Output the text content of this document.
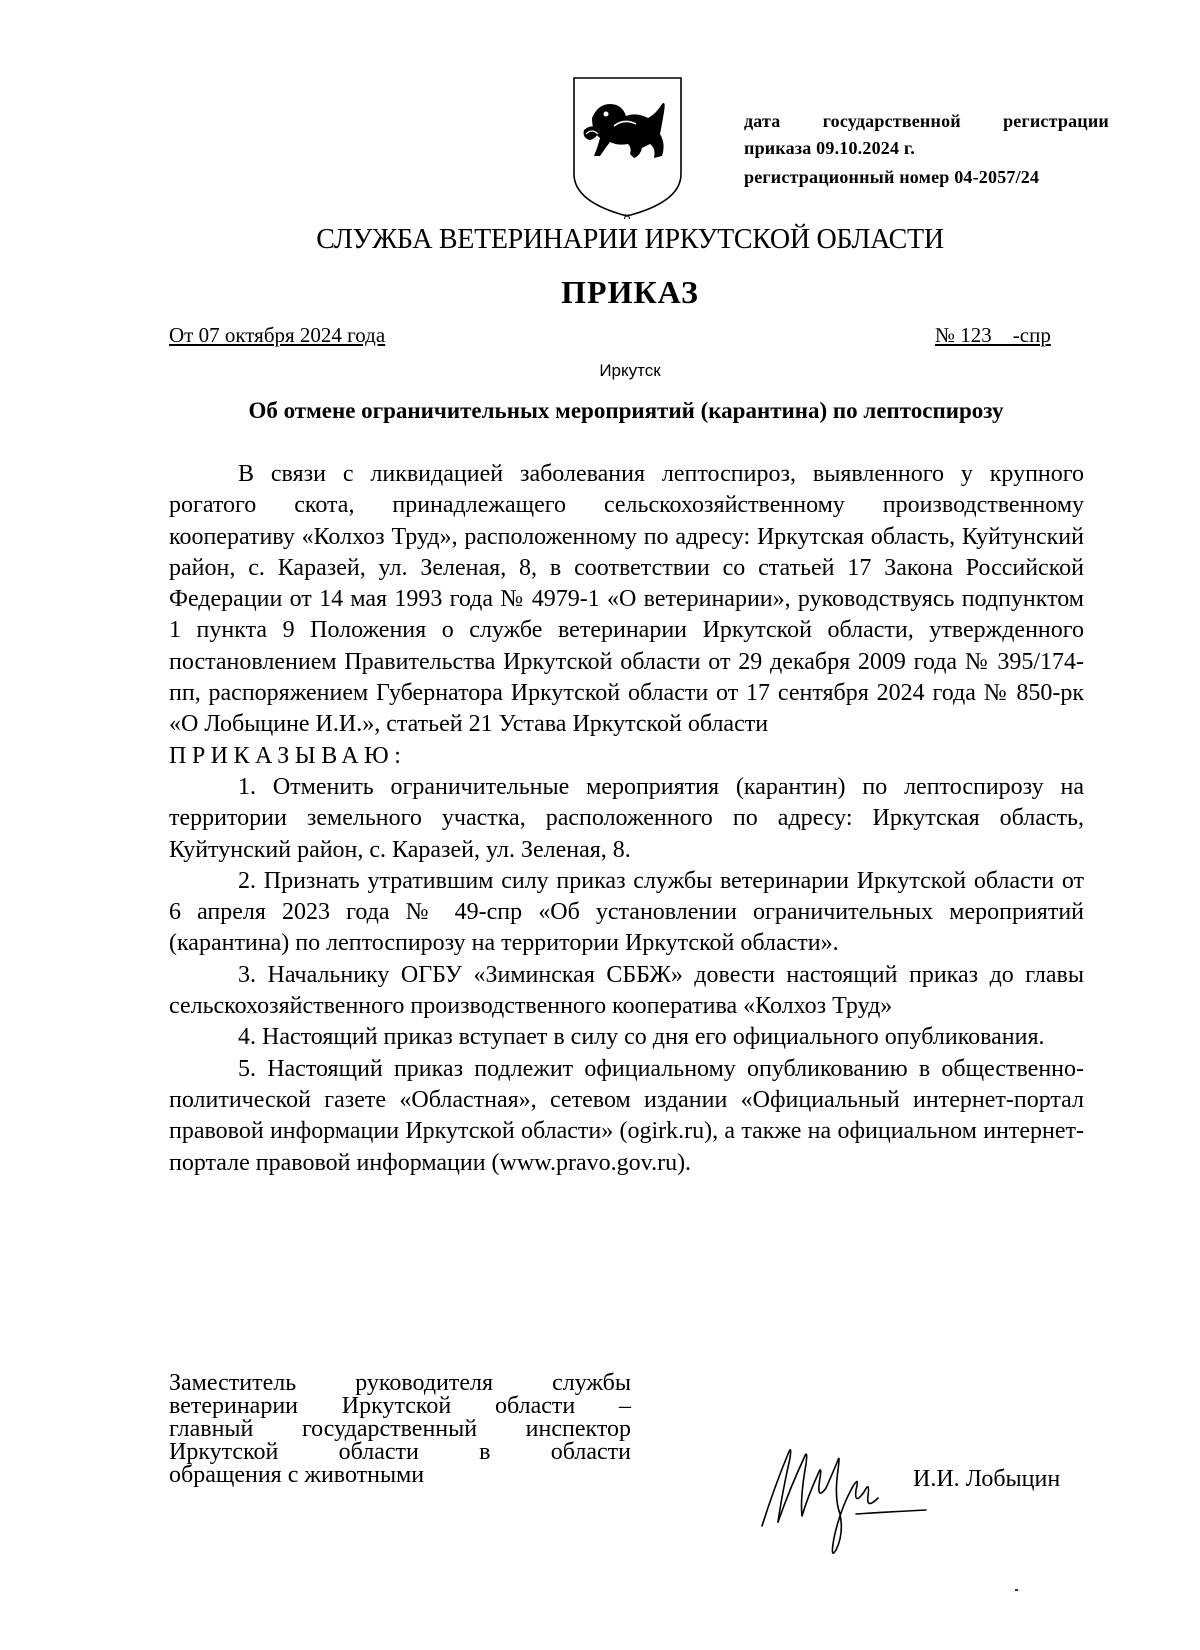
дата государственной регистрации
приказа 09.10.2024 г.
регистрационный номер 04-2057/24
СЛУЖБА ВЕТЕРИНАРИИ ИРКУТСКОЙ ОБЛАСТИ
ПРИКАЗ
От 07 октября 2024 года	№ 123    -спр
Иркутск
Об отмене ограничительных мероприятий (карантина) по лептоспирозу

В связи с ликвидацией заболевания лептоспироз, выявленного у крупного рогатого скота, принадлежащего сельскохозяйственному производственному кооперативу «Колхоз Труд», расположенному по адресу: Иркутская область, Куйтунский район, с. Каразей, ул. Зеленая, 8, в соответствии со статьей 17 Закона Российской Федерации от 14 мая 1993 года № 4979-1 «О ветеринарии», руководствуясь подпунктом 1 пункта 9 Положения о службе ветеринарии Иркутской области, утвержденного постановлением Правительства Иркутской области от 29 декабря 2009 года № 395/174-пп, распоряжением Губернатора Иркутской области от 17 сентября 2024 года № 850-рк «О Лобыцине И.И.», статьей 21 Устава Иркутской области

ПРИКАЗЫВАЮ:

1. Отменить ограничительные мероприятия (карантин) по лептоспирозу на территории земельного участка, расположенного по адресу: Иркутская область, Куйтунский район, с. Каразей, ул. Зеленая, 8.

2. Признать утратившим силу приказ службы ветеринарии Иркутской области от 6 апреля 2023 года № 49-спр «Об установлении ограничительных мероприятий (карантина) по лептоспирозу на территории Иркутской области».

3. Начальнику ОГБУ «Зиминская СББЖ» довести настоящий приказ до главы сельскохозяйственного производственного кооператива «Колхоз Труд»

4. Настоящий приказ вступает в силу со дня его официального опубликования.

5. Настоящий приказ подлежит официальному опубликованию в общественно-политической газете «Областная», сетевом издании «Официальный интернет-портал правовой информации Иркутской области» (ogirk.ru), а также на официальном интернет-портале правовой информации (www.pravo.gov.ru).

Заместитель руководителя службы
ветеринарии Иркутской области –
главный государственный инспектор
Иркутской области в области
обращения с животными	И.И. Лобыцин
